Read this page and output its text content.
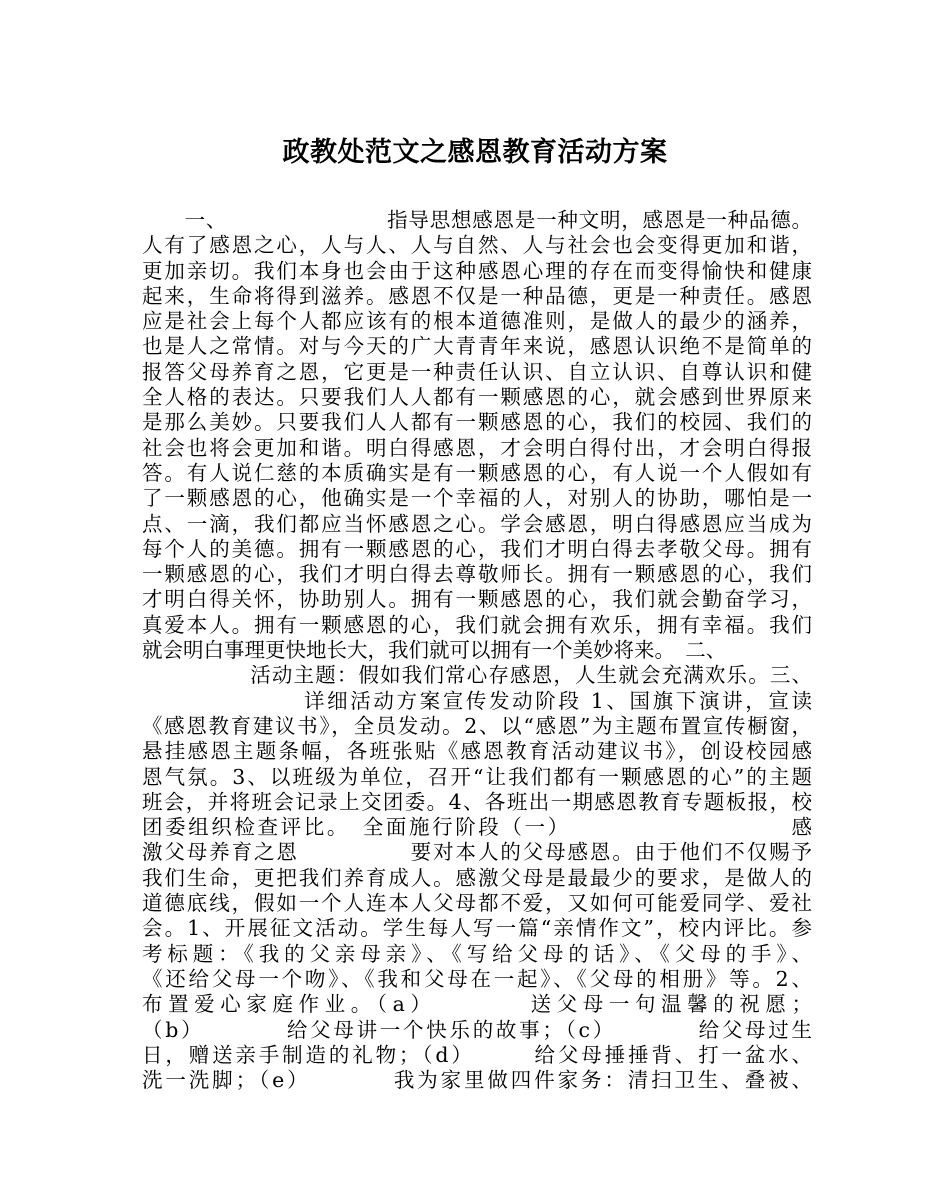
政教处范文之感恩教育活动方案
　　一、　　　　　　　　指导思想感恩是一种文明，感恩是一种品德。
人有了感恩之心，人与人、人与自然、人与社会也会变得更加和谐，
更加亲切。我们本身也会由于这种感恩心理的存在而变得愉快和健康
起来，生命将得到滋养。感恩不仅是一种品德，更是一种责任。感恩
应是社会上每个人都应该有的根本道德准则，是做人的最少的涵养，
也是人之常情。对与今天的广大青青年来说，感恩认识绝不是简单的
报答父母养育之恩，它更是一种责任认识、自立认识、自尊认识和健
全人格的表达。只要我们人人都有一颗感恩的心，就会感到世界原来
是那么美妙。只要我们人人都有一颗感恩的心，我们的校园、我们的
社会也将会更加和谐。明白得感恩，才会明白得付出，才会明白得报
答。有人说仁慈的本质确实是有一颗感恩的心，有人说一个人假如有
了一颗感恩的心，他确实是一个幸福的人，对别人的协助，哪怕是一
点、一滴，我们都应当怀感恩之心。学会感恩，明白得感恩应当成为
每个人的美德。拥有一颗感恩的心，我们才明白得去孝敬父母。拥有
一颗感恩的心，我们才明白得去尊敬师长。拥有一颗感恩的心，我们
才明白得关怀，协助别人。拥有一颗感恩的心，我们就会勤奋学习，
真爱本人。拥有一颗感恩的心，我们就会拥有欢乐，拥有幸福。我们
就会明白事理更快地长大，我们就可以拥有一个美妙将来。　二、
　　　　　活动主题：假如我们常心存感恩，人生就会充满欢乐。三、
　　　　　　　详细活动方案宣传发动阶段 1、国旗下演讲，宣读
《感恩教育建议书》，全员发动。2、以“感恩”为主题布置宣传橱窗，
悬挂感恩主题条幅，各班张贴《感恩教育活动建议书》，创设校园感
恩气氛。3、以班级为单位，召开“让我们都有一颗感恩的心”的主题
班会，并将班会记录上交团委。4、各班出一期感恩教育专题板报，校
团委组织检查评比。　全面施行阶段（一）　　　　　　　　　　感
激父母养育之恩　　　　　要对本人的父母感恩。由于他们不仅赐予
我们生命，更把我们养育成人。感激父母是最最少的要求，是做人的
道德底线，假如一个人连本人父母都不爱，又如何可能爱同学、爱社
会。1、开展征文活动。学生每人写一篇“亲情作文”，校内评比。参
考标题：《我的父亲母亲》、《写给父母的话》、《父母的手》、
《还给父母一个吻》、《我和父母在一起》、《父母的相册》等。2、
布置爱心家庭作业。（a）　　　　送父母一句温馨的祝愿；
（b）　　　　给父母讲一个快乐的故事；（c）　　　　给父母过生
日，赠送亲手制造的礼物；（d）　　　给父母捶捶背、打一盆水、
洗一洗脚；（e）　　　　我为家里做四件家务：清扫卫生、叠被、
